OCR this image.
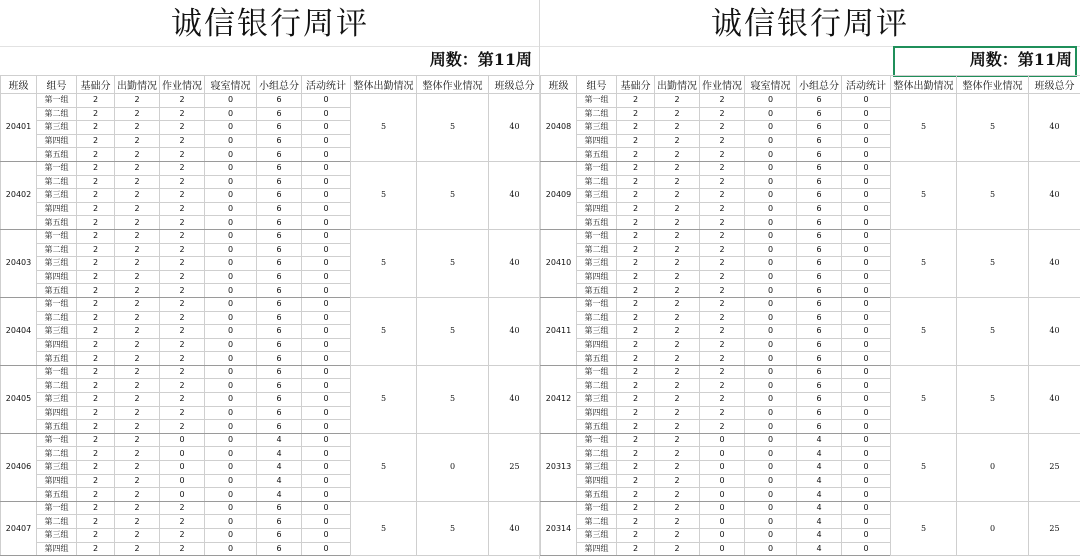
诚信银行周评
周数：第11周
班级	组号	基础分	出勤情况	作业情况	寝室情况	小组总分	活动统计	整体出勤情况	整体作业情况	班级总分
20401	第一组	2	2	2	0	6	0	5	5	40
	第二组	2	2	2	0	6	0			
	第三组	2	2	2	0	6	0			
	第四组	2	2	2	0	6	0			
	第五组	2	2	2	0	6	0			
20402	第一组	2	2	2	0	6	0	5	5	40
	第二组	2	2	2	0	6	0			
	第三组	2	2	2	0	6	0			
	第四组	2	2	2	0	6	0			
	第五组	2	2	2	0	6	0			
20403	第一组	2	2	2	0	6	0	5	5	40
	第二组	2	2	2	0	6	0			
	第三组	2	2	2	0	6	0			
	第四组	2	2	2	0	6	0			
	第五组	2	2	2	0	6	0			
20404	第一组	2	2	2	0	6	0	5	5	40
	第二组	2	2	2	0	6	0			
	第三组	2	2	2	0	6	0			
	第四组	2	2	2	0	6	0			
	第五组	2	2	2	0	6	0			
20405	第一组	2	2	2	0	6	0	5	5	40
	第二组	2	2	2	0	6	0			
	第三组	2	2	2	0	6	0			
	第四组	2	2	2	0	6	0			
	第五组	2	2	2	0	6	0			
20406	第一组	2	2	0	0	4	0	5	0	25
	第二组	2	2	0	0	4	0			
	第三组	2	2	0	0	4	0			
	第四组	2	2	0	0	4	0			
	第五组	2	2	0	0	4	0			
20407	第一组	2	2	2	0	6	0	5	5	40
	第二组	2	2	2	0	6	0			
	第三组	2	2	2	0	6	0			
	第四组	2	2	2	0	6	0			
诚信银行周评
周数：第11周
班级	组号	基础分	出勤情况	作业情况	寝室情况	小组总分	活动统计	整体出勤情况	整体作业情况	班级总分
20408	第一组	2	2	2	0	6	0	5	5	40
	第二组	2	2	2	0	6	0			
	第三组	2	2	2	0	6	0			
	第四组	2	2	2	0	6	0			
	第五组	2	2	2	0	6	0			
20409	第一组	2	2	2	0	6	0	5	5	40
	第二组	2	2	2	0	6	0			
	第三组	2	2	2	0	6	0			
	第四组	2	2	2	0	6	0			
	第五组	2	2	2	0	6	0			
20410	第一组	2	2	2	0	6	0	5	5	40
	第二组	2	2	2	0	6	0			
	第三组	2	2	2	0	6	0			
	第四组	2	2	2	0	6	0			
	第五组	2	2	2	0	6	0			
20411	第一组	2	2	2	0	6	0	5	5	40
	第二组	2	2	2	0	6	0			
	第三组	2	2	2	0	6	0			
	第四组	2	2	2	0	6	0			
	第五组	2	2	2	0	6	0			
20412	第一组	2	2	2	0	6	0	5	5	40
	第二组	2	2	2	0	6	0			
	第三组	2	2	2	0	6	0			
	第四组	2	2	2	0	6	0			
	第五组	2	2	2	0	6	0			
20313	第一组	2	2	0	0	4	0	5	0	25
	第二组	2	2	0	0	4	0			
	第三组	2	2	0	0	4	0			
	第四组	2	2	0	0	4	0			
	第五组	2	2	0	0	4	0			
20314	第一组	2	2	0	0	4	0	5	0	25
	第二组	2	2	0	0	4	0			
	第三组	2	2	0	0	4	0			
	第四组	2	2	0	0	4	0			
